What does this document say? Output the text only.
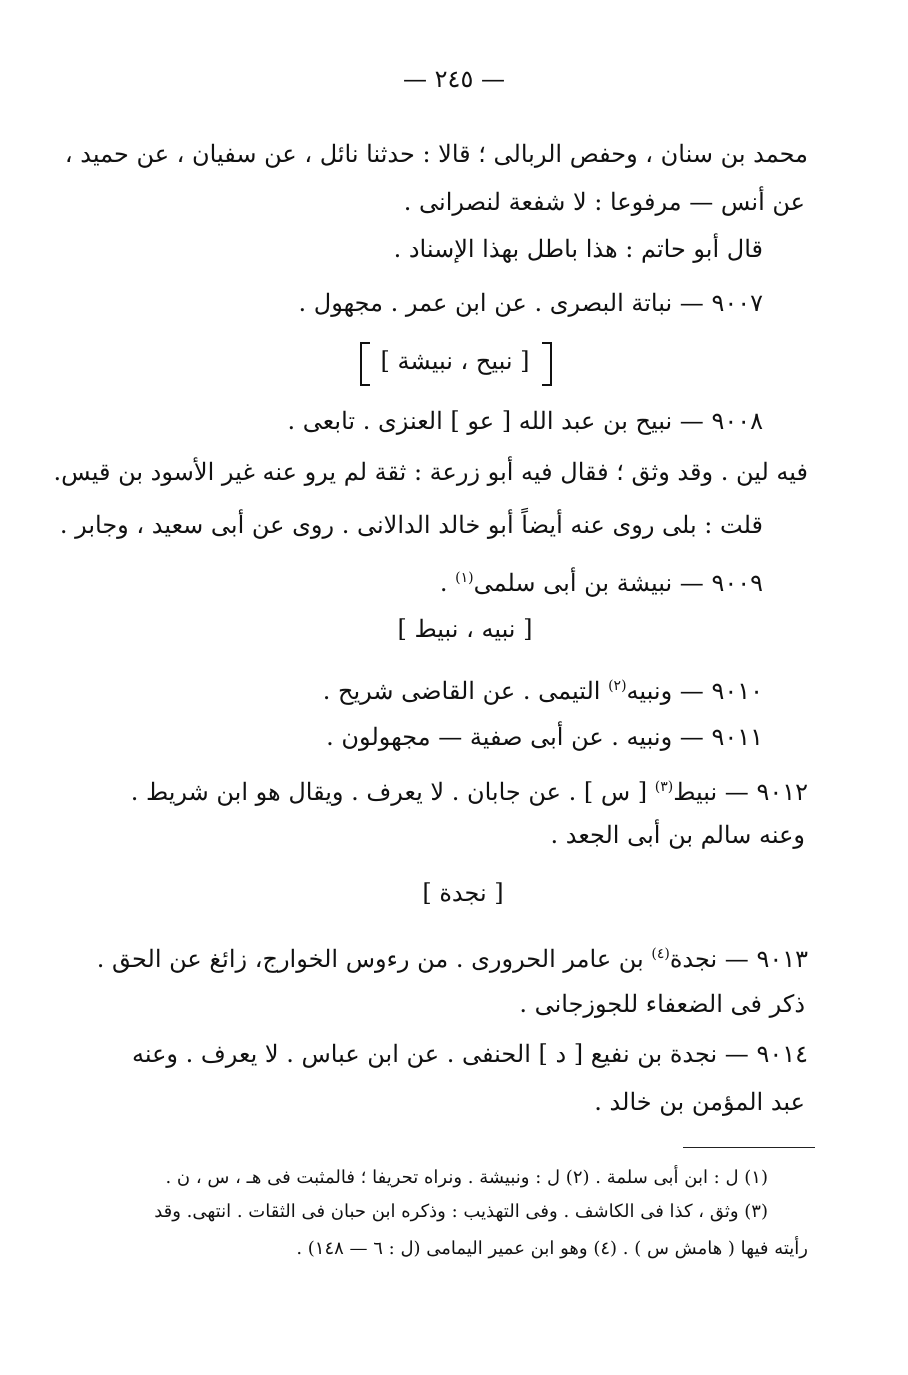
— ٢٤٥ —
محمد بن سنان ، وحفص الربالى ؛ قالا : حدثنا نائل ، عن سفيان ، عن حميد ،
عن أنس — مرفوعا : لا شفعة لنصرانى .
قال أبو حاتم : هذا باطل بهذا الإسناد .
٩٠٠٧ — نباتة البصرى . عن ابن عمر . مجهول .
[ نبيح ، نبيشة ]
٩٠٠٨ — نبيح بن عبد الله [ عو ] العنزى . تابعى .
فيه لين . وقد وثق ؛ فقال فيه أبو زرعة : ثقة لم يرو عنه غير الأسود بن قيس.
قلت : بلى روى عنه أيضاً أبو خالد الدالانى . روى عن أبى سعيد ، وجابر .
٩٠٠٩ — نبيشة بن أبى سلمى$^{(١)}$ .
[ نبيه ، نبيط ]
٩٠١٠ — ونبيه$^{(٢)}$ التيمى . عن القاضى شريح .
٩٠١١ — ونبيه . عن أبى صفية — مجهولون .
٩٠١٢ — نبيط$^{(٣)}$ [ س ] . عن جابان . لا يعرف . ويقال هو ابن شريط .
وعنه سالم بن أبى الجعد .
[ نجدة ]
٩٠١٣ — نجدة$^{(٤)}$ بن عامر الحرورى . من رءوس الخوارج، زائغ عن الحق .
ذكر فى الضعفاء للجوزجانى .
٩٠١٤ — نجدة بن نفيع [ د ] الحنفى . عن ابن عباس . لا يعرف . وعنه
عبد المؤمن بن خالد .
(١) ل : ابن أبى سلمة . (٢) ل : ونبيشة . ونراه تحريفا ؛ فالمثبت فى هـ ، س ، ن .
(٣) وثق ، كذا فى الكاشف . وفى التهذيب : وذكره ابن حبان فى الثقات . انتهى. وقد
رأيته فيها ( هامش س ) . (٤) وهو ابن عمير اليمامى (ل : ٦ — ١٤٨) .
